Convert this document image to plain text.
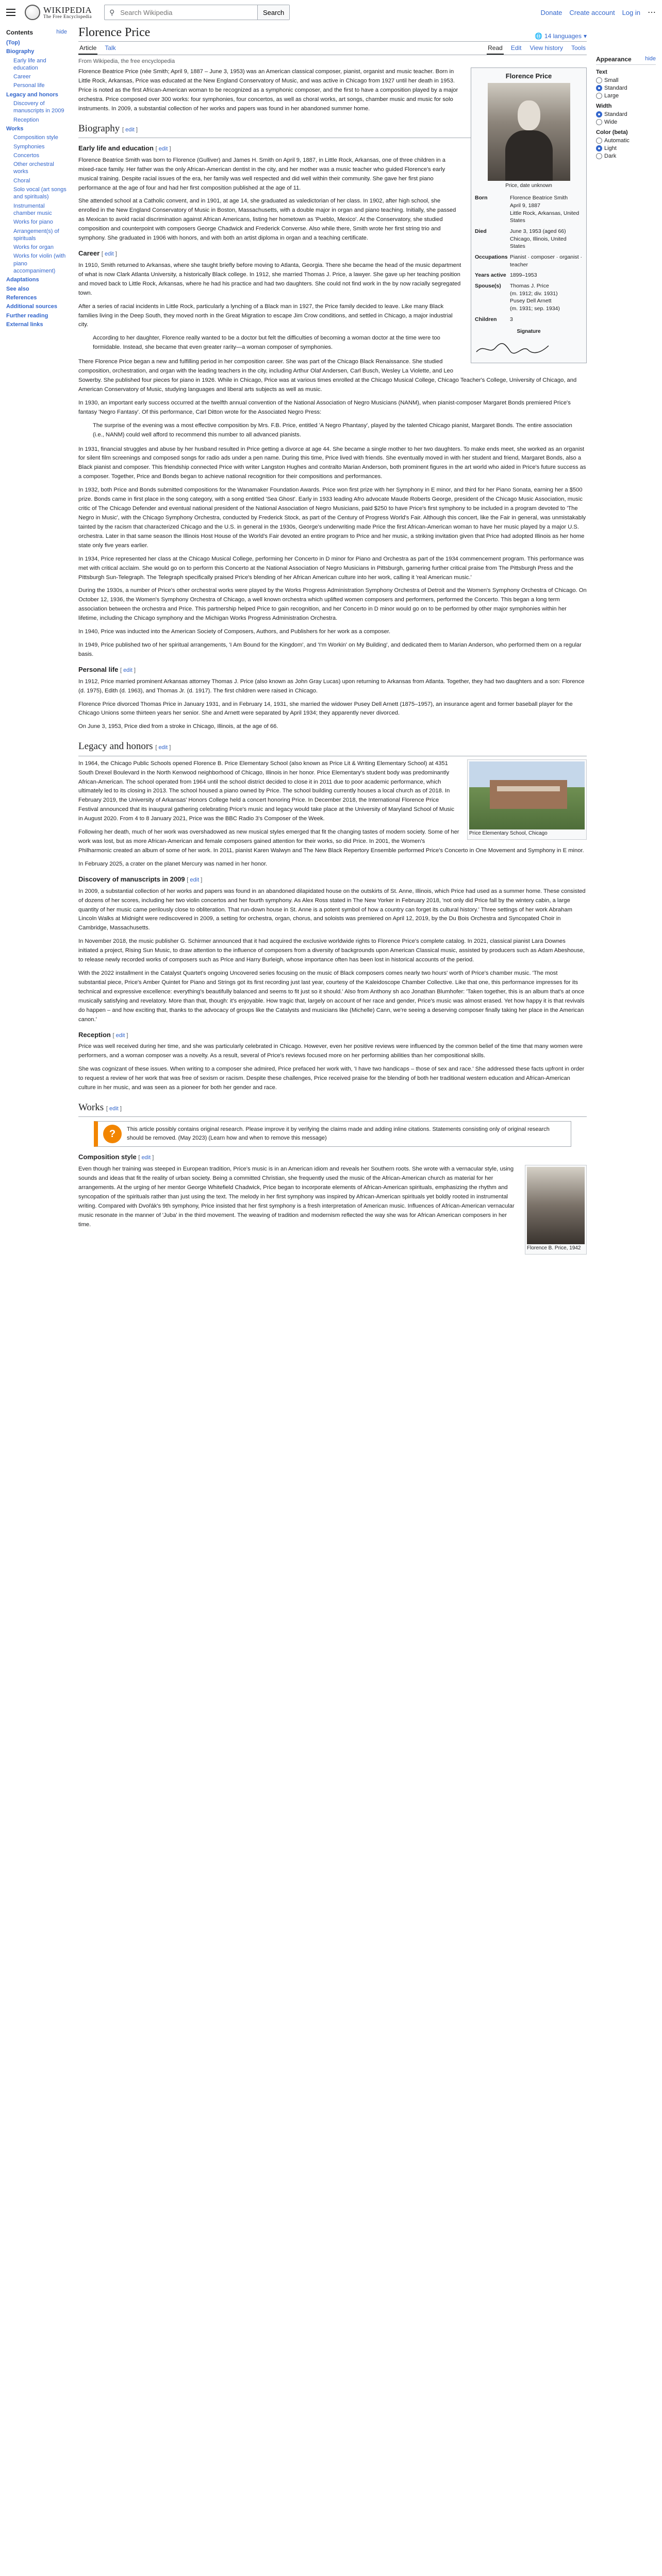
WIKIPEDIA
The Free Encyclopedia
⚲
Search Wikipedia	Search	Donate Create account Log in ⋯
Contents	hide
(Top)
Biography
Early life and education
Career
Personal life
Legacy and honors
Discovery of manuscripts in 2009
Reception
Works
Composition style
Symphonies
Concertos
Other orchestral works
Choral
Solo vocal (art songs and spirituals)
Instrumental chamber music
Works for piano
Arrangement(s) of spirituals
Works for organ
Works for violin (with piano accompaniment)
Adaptations
See also
References
Additional sources
Further reading
External links
Florence Price	🌐 14 languages ▾
Article Talk	Read Edit View history Tools
From Wikipedia, the free encyclopedia
Florence Price
Price, date unknown
Born	Florence Beatrice Smith
April 9, 1887
Little Rock, Arkansas, United States
Died	June 3, 1953 (aged 66)
Chicago, Illinois, United States
Occupations	Pianist · composer · organist · teacher
Years active	1899–1953
Spouse(s)	Thomas J. Price
(m. 1912; div. 1931)
Pusey Dell Arnett
(m. 1931; sep. 1934)
Children	3
Signature

Florence Beatrice Price (née Smith; April 9, 1887 – June 3, 1953) was an American classical composer, pianist, organist and music teacher. Born in Little Rock, Arkansas, Price was educated at the New England Conservatory of Music, and was active in Chicago from 1927 until her death in 1953. Price is noted as the first African-American woman to be recognized as a symphonic composer, and the first to have a composition played by a major orchestra. Price composed over 300 works: four symphonies, four concertos, as well as choral works, art songs, chamber music and music for solo instruments. In 2009, a substantial collection of her works and papers was found in her abandoned summer home.

Biography [ edit ]
Early life and education [ edit ]

Florence Beatrice Smith was born to Florence (Gulliver) and James H. Smith on April 9, 1887, in Little Rock, Arkansas, one of three children in a mixed-race family. Her father was the only African-American dentist in the city, and her mother was a music teacher who guided Florence's early musical training. Despite racial issues of the era, her family was well respected and did well within their community. She gave her first piano performance at the age of four and had her first composition published at the age of 11.

She attended school at a Catholic convent, and in 1901, at age 14, she graduated as valedictorian of her class. In 1902, after high school, she enrolled in the New England Conservatory of Music in Boston, Massachusetts, with a double major in organ and piano teaching. Initially, she passed as Mexican to avoid racial discrimination against African Americans, listing her hometown as 'Pueblo, Mexico'. At the Conservatory, she studied composition and counterpoint with composers George Chadwick and Frederick Converse. Also while there, Smith wrote her first string trio and symphony. She graduated in 1906 with honors, and with both an artist diploma in organ and a teaching certificate.

Career [ edit ]

In 1910, Smith returned to Arkansas, where she taught briefly before moving to Atlanta, Georgia. There she became the head of the music department of what is now Clark Atlanta University, a historically Black college. In 1912, she married Thomas J. Price, a lawyer. She gave up her teaching position and moved back to Little Rock, Arkansas, where he had his practice and had two daughters. She could not find work in the by now racially segregated town.

After a series of racial incidents in Little Rock, particularly a lynching of a Black man in 1927, the Price family decided to leave. Like many Black families living in the Deep South, they moved north in the Great Migration to escape Jim Crow conditions, and settled in Chicago, a major industrial city.

According to her daughter, Florence really wanted to be a doctor but felt the difficulties of becoming a woman doctor at the time were too formidable. Instead, she became that even greater rarity—a woman composer of symphonies.

There Florence Price began a new and fulfilling period in her composition career. She was part of the Chicago Black Renaissance. She studied composition, orchestration, and organ with the leading teachers in the city, including Arthur Olaf Andersen, Carl Busch, Wesley La Violette, and Leo Sowerby. She published four pieces for piano in 1926. While in Chicago, Price was at various times enrolled at the Chicago Musical College, Chicago Teacher's College, University of Chicago, and American Conservatory of Music, studying languages and liberal arts subjects as well as music.

In 1930, an important early success occurred at the twelfth annual convention of the National Association of Negro Musicians (NANM), when pianist-composer Margaret Bonds premiered Price's fantasy 'Negro Fantasy'. Of this performance, Carl Ditton wrote for the Associated Negro Press:

The surprise of the evening was a most effective composition by Mrs. F.B. Price, entitled 'A Negro Phantasy', played by the talented Chicago pianist, Margaret Bonds. The entire association (i.e., NANM) could well afford to recommend this number to all advanced pianists.

In 1931, financial struggles and abuse by her husband resulted in Price getting a divorce at age 44. She became a single mother to her two daughters. To make ends meet, she worked as an organist for silent film screenings and composed songs for radio ads under a pen name. During this time, Price lived with friends. She eventually moved in with her student and friend, Margaret Bonds, also a Black pianist and composer. This friendship connected Price with writer Langston Hughes and contralto Marian Anderson, both prominent figures in the art world who aided in Price's future success as a composer. Together, Price and Bonds began to achieve national recognition for their compositions and performances.

In 1932, both Price and Bonds submitted compositions for the Wanamaker Foundation Awards. Price won first prize with her Symphony in E minor, and third for her Piano Sonata, earning her a $500 prize. Bonds came in first place in the song category, with a song entitled 'Sea Ghost'. Early in 1933 leading Afro advocate Maude Roberts George, president of the Chicago Music Association, music critic of The Chicago Defender and eventual national president of the National Association of Negro Musicians, paid $250 to have Price's first symphony to be included in a program devoted to 'The Negro in Music', with the Chicago Symphony Orchestra, conducted by Frederick Stock, as part of the Century of Progress World's Fair. Although this concert, like the Fair in general, was unmistakably tainted by the racism that characterized Chicago and the U.S. in general in the 1930s, George's underwriting made Price the first African-American woman to have her music played by a major U.S. orchestra. Later in that same season the Illinois Host House of the World's Fair devoted an entire program to Price and her music, a striking invitation given that Price had adopted Illinois as her home state only five years earlier.

In 1934, Price represented her class at the Chicago Musical College, performing her Concerto in D minor for Piano and Orchestra as part of the 1934 commencement program. This performance was met with critical acclaim. She would go on to perform this Concerto at the National Association of Negro Musicians in Pittsburgh, garnering further critical praise from The Pittsburgh Press and the Pittsburgh Sun-Telegraph. The Telegraph specifically praised Price's blending of her African American culture into her work, calling it 'real American music.'

During the 1930s, a number of Price's other orchestral works were played by the Works Progress Administration Symphony Orchestra of Detroit and the Women's Symphony Orchestra of Chicago. On October 12, 1936, the Women's Symphony Orchestra of Chicago, a well known orchestra which uplifted women composers and performers, performed the Concerto. This began a long term association between the orchestra and Price. This partnership helped Price to gain recognition, and her Concerto in D minor would go on to be performed by other major symphonies within her lifetime, including the Chicago symphony and the Michigan Works Progress Administration Orchestra.

In 1940, Price was inducted into the American Society of Composers, Authors, and Publishers for her work as a composer.

In 1949, Price published two of her spiritual arrangements, 'I Am Bound for the Kingdom', and 'I'm Workin' on My Building', and dedicated them to Marian Anderson, who performed them on a regular basis.

Personal life [ edit ]

In 1912, Price married prominent Arkansas attorney Thomas J. Price (also known as John Gray Lucas) upon returning to Arkansas from Atlanta. Together, they had two daughters and a son: Florence (d. 1975), Edith (d. 1963), and Thomas Jr. (d. 1917). The first children were raised in Chicago.

Florence Price divorced Thomas Price in January 1931, and in February 14, 1931, she married the widower Pusey Dell Arnett (1875–1957), an insurance agent and former baseball player for the Chicago Unions some thirteen years her senior. She and Arnett were separated by April 1934; they apparently never divorced.

On June 3, 1953, Price died from a stroke in Chicago, Illinois, at the age of 66.

Legacy and honors [ edit ]
Price Elementary School, Chicago

In 1964, the Chicago Public Schools opened Florence B. Price Elementary School (also known as Price Lit & Writing Elementary School) at 4351 South Drexel Boulevard in the North Kenwood neighborhood of Chicago, Illinois in her honor. Price Elementary's student body was predominantly African-American. The school operated from 1964 until the school district decided to close it in 2011 due to poor academic performance, which ultimately led to its closing in 2013. The school housed a piano owned by Price. The school building currently houses a local church as of 2018. In February 2019, the University of Arkansas' Honors College held a concert honoring Price. In December 2018, the International Florence Price Festival announced that its inaugural gathering celebrating Price's music and legacy would take place at the University of Maryland School of Music in August 2020. From 4 to 8 January 2021, Price was the BBC Radio 3's Composer of the Week.

Following her death, much of her work was overshadowed as new musical styles emerged that fit the changing tastes of modern society. Some of her work was lost, but as more African-American and female composers gained attention for their works, so did Price. In 2001, the Women's Philharmonic created an album of some of her work. In 2011, pianist Karen Walwyn and The New Black Repertory Ensemble performed Price's Concerto in One Movement and Symphony in E minor.

In February 2025, a crater on the planet Mercury was named in her honor.

Discovery of manuscripts in 2009 [ edit ]

In 2009, a substantial collection of her works and papers was found in an abandoned dilapidated house on the outskirts of St. Anne, Illinois, which Price had used as a summer home. These consisted of dozens of her scores, including her two violin concertos and her fourth symphony. As Alex Ross stated in The New Yorker in February 2018, 'not only did Price fall by the wintery cabin, a large quantity of her music came perilously close to obliteration. That run-down house in St. Anne is a potent symbol of how a country can forget its cultural history.' Three settings of her work Abraham Lincoln Walks at Midnight were rediscovered in 2009, a setting for orchestra, organ, chorus, and soloists was premiered on April 12, 2019, by the Du Bois Orchestra and Syncopated Choir in Cambridge, Massachusetts.

In November 2018, the music publisher G. Schirmer announced that it had acquired the exclusive worldwide rights to Florence Price's complete catalog. In 2021, classical pianist Lara Downes initiated a project, Rising Sun Music, to draw attention to the influence of composers from a diversity of backgrounds upon American Classical music, assisted by producers such as Adam Abeshouse, to release newly recorded works of composers such as Price and Harry Burleigh, whose importance often has been lost in historical accounts of the period.

With the 2022 installment in the Catalyst Quartet's ongoing Uncovered series focusing on the music of Black composers comes nearly two hours' worth of Price's chamber music. 'The most substantial piece, Price's Amber Quintet for Piano and Strings got its first recording just last year, courtesy of the Kaleidoscope Chamber Collective. Like that one, this performance impresses for its technical and expressive excellence: everything's beautifully balanced and seems to fit just so it should.' Also from Anthony sh aco Jonathan Blumhofer: 'Taken together, this is an album that's at once musically satisfying and revelatory. More than that, though: it's enjoyable. How tragic that, largely on account of her race and gender, Price's music was almost erased. Yet how happy it is that revivals do happen – and how exciting that, thanks to the advocacy of groups like the Catalysts and musicians like (Michelle) Cann, we're seeing a deserving composer finally taking her place in the American canon.'

Reception [ edit ]

Price was well received during her time, and she was particularly celebrated in Chicago. However, even her positive reviews were influenced by the common belief of the time that many women were performers, and a woman composer was a novelty. As a result, several of Price's reviews focused more on her performing abilities than her compositional skills.

She was cognizant of these issues. When writing to a composer she admired, Price prefaced her work with, 'I have two handicaps – those of sex and race.' She addressed these facts upfront in order to request a review of her work that was free of sexism or racism. Despite these challenges, Price received praise for the blending of both her traditional western education and African-American culture in her music, and was seen as a pioneer for both her gender and race.

Works [ edit ]
?	This article possibly contains original research. Please improve it by verifying the claims made and adding inline citations. Statements consisting only of original research should be removed. (May 2023) (Learn how and when to remove this message)
Composition style [ edit ]
Florence B. Price, 1942

Even though her training was steeped in European tradition, Price's music is in an American idiom and reveals her Southern roots. She wrote with a vernacular style, using sounds and ideas that fit the reality of urban society. Being a committed Christian, she frequently used the music of the African-American church as material for her arrangements. At the urging of her mentor George Whitefield Chadwick, Price began to incorporate elements of African-American spirituals, emphasizing the rhythm and syncopation of the spirituals rather than just using the text. The melody in her first symphony was inspired by African-American spirituals yet boldly rooted in instrumental writing. Compared with Dvořák's 9th symphony, Price insisted that her first symphony is a fresh interpretation of American music. Influences of African-American vernacular music resonate in the manner of 'Juba' in the third movement. The weaving of tradition and modernism reflected the way she was for African American composers in her time.

Appearance hide
Text
Small
Standard
Large
Width
Standard
Wide
Color (beta)
Automatic
Light
Dark
